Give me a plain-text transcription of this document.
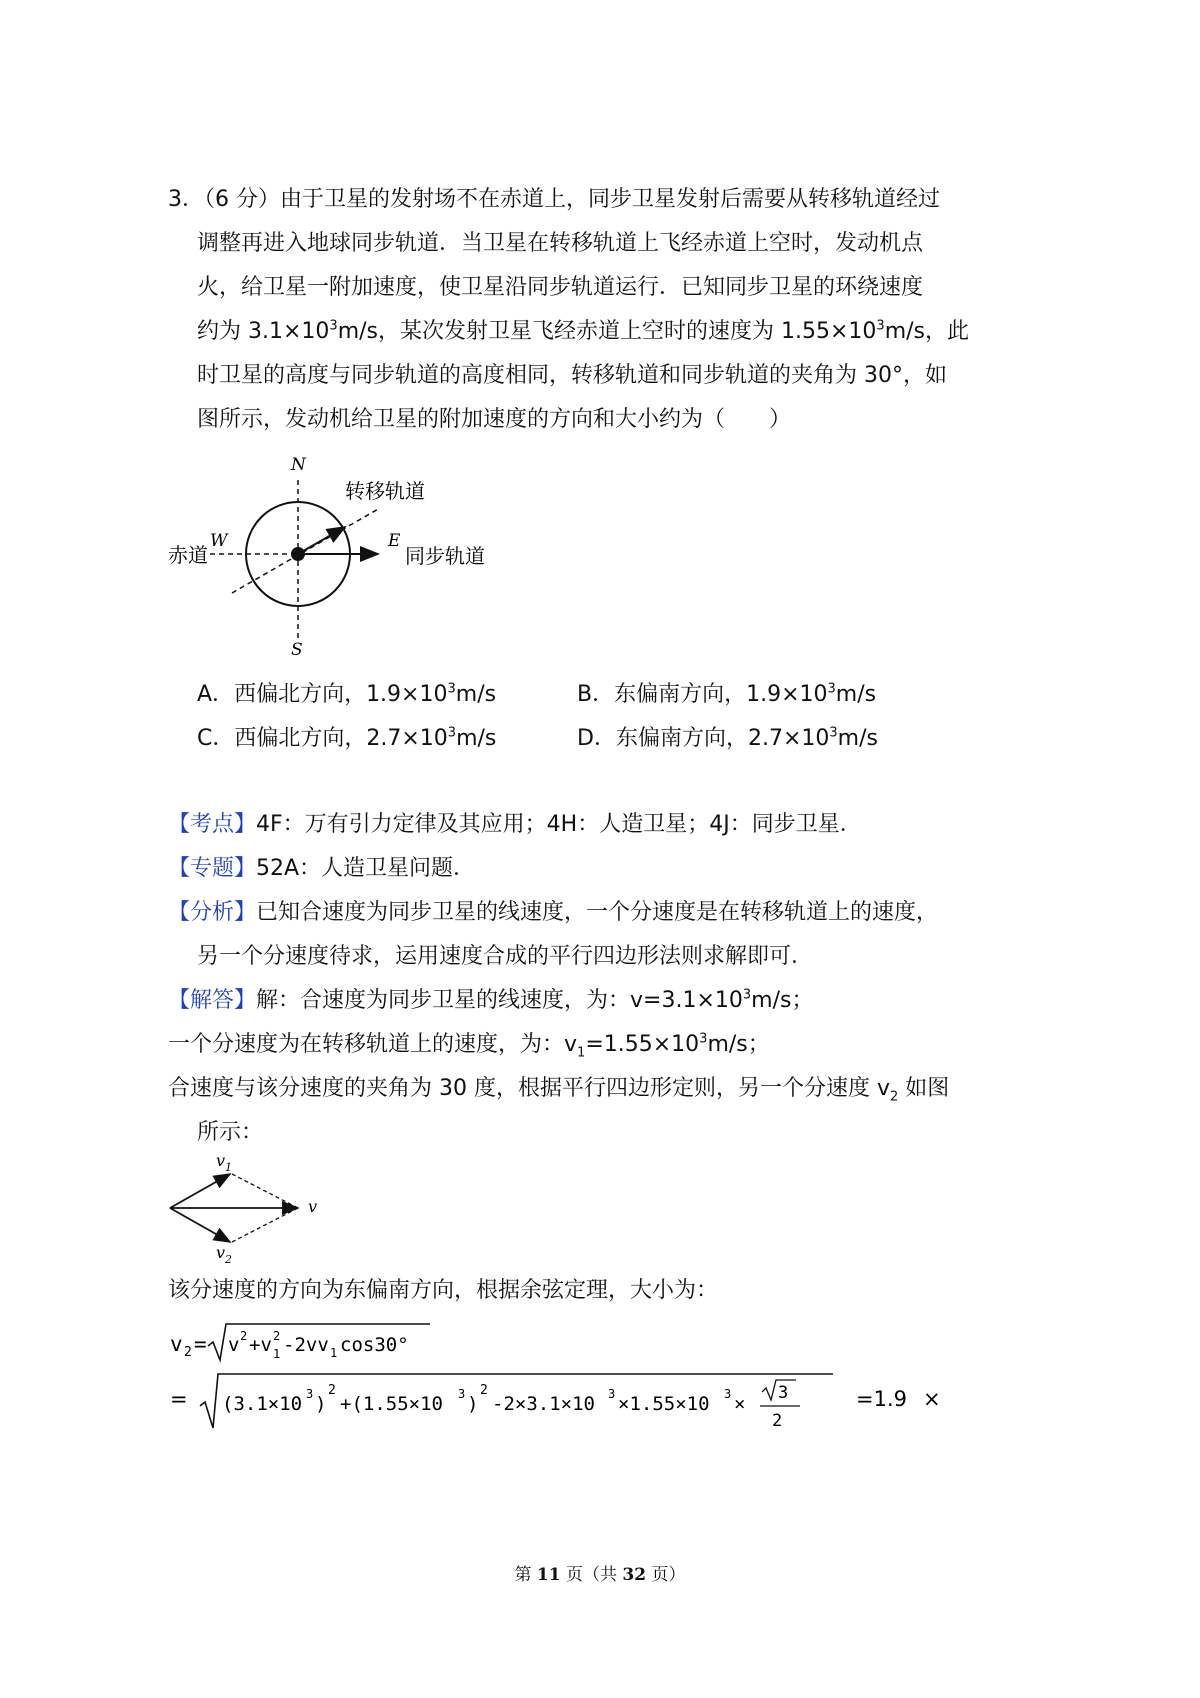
3．（6 分）由于卫星的发射场不在赤道上，同步卫星发射后需要从转移轨道经过
调整再进入地球同步轨道．当卫星在转移轨道上飞经赤道上空时，发动机点
火，给卫星一附加速度，使卫星沿同步轨道运行．已知同步卫星的环绕速度
约为 $3.1\times 10^3m/s$，某次发射卫星飞经赤道上空时的速度为 $1.55\times 10^3m/s$，此
时卫星的高度与同步轨道的高度相同，转移轨道和同步轨道的夹角为 30°，如
图所示，发动机给卫星的附加速度的方向和大小约为（　　）
N
S
W	E
转移轨道
赤道	同步轨道
A．西偏北方向，$1.9\times 10^3m/s$	B．东偏南方向，$1.9\times 10^3m/s$
C．西偏北方向，$2.7\times 10^3m/s$	D．东偏南方向，$2.7\times 10^3m/s$
【考点】4F：万有引力定律及其应用；4H：人造卫星；4J：同步卫星．
【专题】52A：人造卫星问题．
【分析】已知合速度为同步卫星的线速度，一个分速度是在转移轨道上的速度，
另一个分速度待求，运用速度合成的平行四边形法则求解即可．
【解答】解：合速度为同步卫星的线速度，为：$v=3.1\times 10^3m/s$；
一个分速度为在转移轨道上的速度，为：$v_1=1.55\times 10^3m/s$；
合速度与该分速度的夹角为 30 度，根据平行四边形定则，另一个分速度 $v_2$ 如图
所示：
$v_1$
v
$v_2$
该分速度的方向为东偏南方向，根据余弦定理，大小为：
v 2 = v 2 +v 2
1 -2vv 1 cos30°
= (3.1×10 3 )
2
+(1.55×10 3 )
2
-2×3.1×10 3 ×1.55×10 3 × 3
2
=1.9 ×
第 11 页（共 32 页）
